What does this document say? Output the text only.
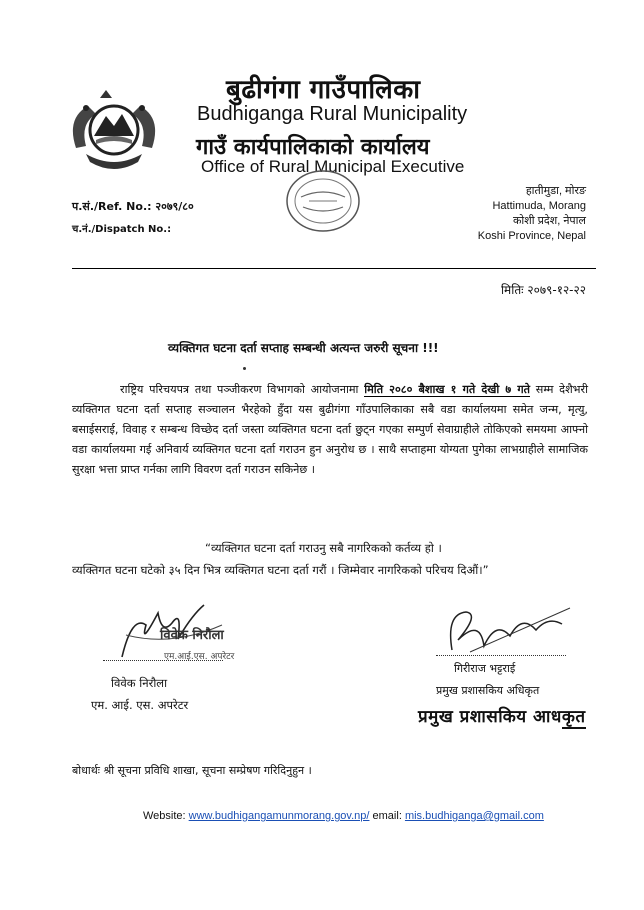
बुढीगंगा गाउँपालिका
Budhiganga Rural Municipality
गाउँ कार्यपालिकाको कार्यालय
Office of Rural Municipal Executive
प.सं./Ref. No.: २०७९/८०
च.नं./Dispatch No.:
हातीमुडा, मोरङ
Hattimuda, Morang
कोशी प्रदेश, नेपाल
Koshi Province, Nepal
मितिः २०७९-१२-२२
व्यक्तिगत घटना दर्ता सप्ताह सम्बन्धी अत्यन्त जरुरी सूचना !!!
राष्ट्रिय परिचयपत्र तथा पञ्जीकरण विभागको आयोजनामा मिति २०८० बैशाख १ गते देखी ७ गते सम्म देशैभरी व्यक्तिगत घटना दर्ता सप्ताह सञ्चालन भैरहेको हुँदा यस बुढीगंगा गाँउपालिकाका सबै वडा कार्यालयमा समेत जन्म, मृत्यु, बसाईसराई, विवाह र सम्बन्ध विच्छेद दर्ता जस्ता व्यक्तिगत घटना दर्ता छुट्न गएका सम्पुर्ण सेवाग्राहीले तोकिएको समयमा आफ्नो वडा कार्यालयमा गई अनिवार्य व्यक्तिगत घटना दर्ता गराउन हुन अनुरोध छ । साथै सप्ताहमा योग्यता पुगेका लाभग्राहीले सामाजिक सुरक्षा भत्ता प्राप्त गर्नका लागि विवरण दर्ता गराउन सकिनेछ ।
“व्यक्तिगत घटना दर्ता गराउनु सबै नागरिकको कर्तव्य हो ।
व्यक्तिगत घटना घटेको ३५ दिन भित्र व्यक्तिगत घटना दर्ता गरौं । जिम्मेवार नागरिकको परिचय दिऔं।”
विवेक निरौला
एम.आई.एस. अपरेटर
विवेक निरौला
एम. आई. एस. अपरेटर
गिरीराज भट्टराई
प्रमुख प्रशासकिय अधिकृत
प्रमुख प्रशासकिय आधकृत
बोधार्थः श्री सूचना प्रविधि शाखा, सूचना सम्प्रेषण गरिदिनुहुन ।
Website: www.budhigangamunmorang.gov.np/ email: mis.budhiganga@gmail.com
